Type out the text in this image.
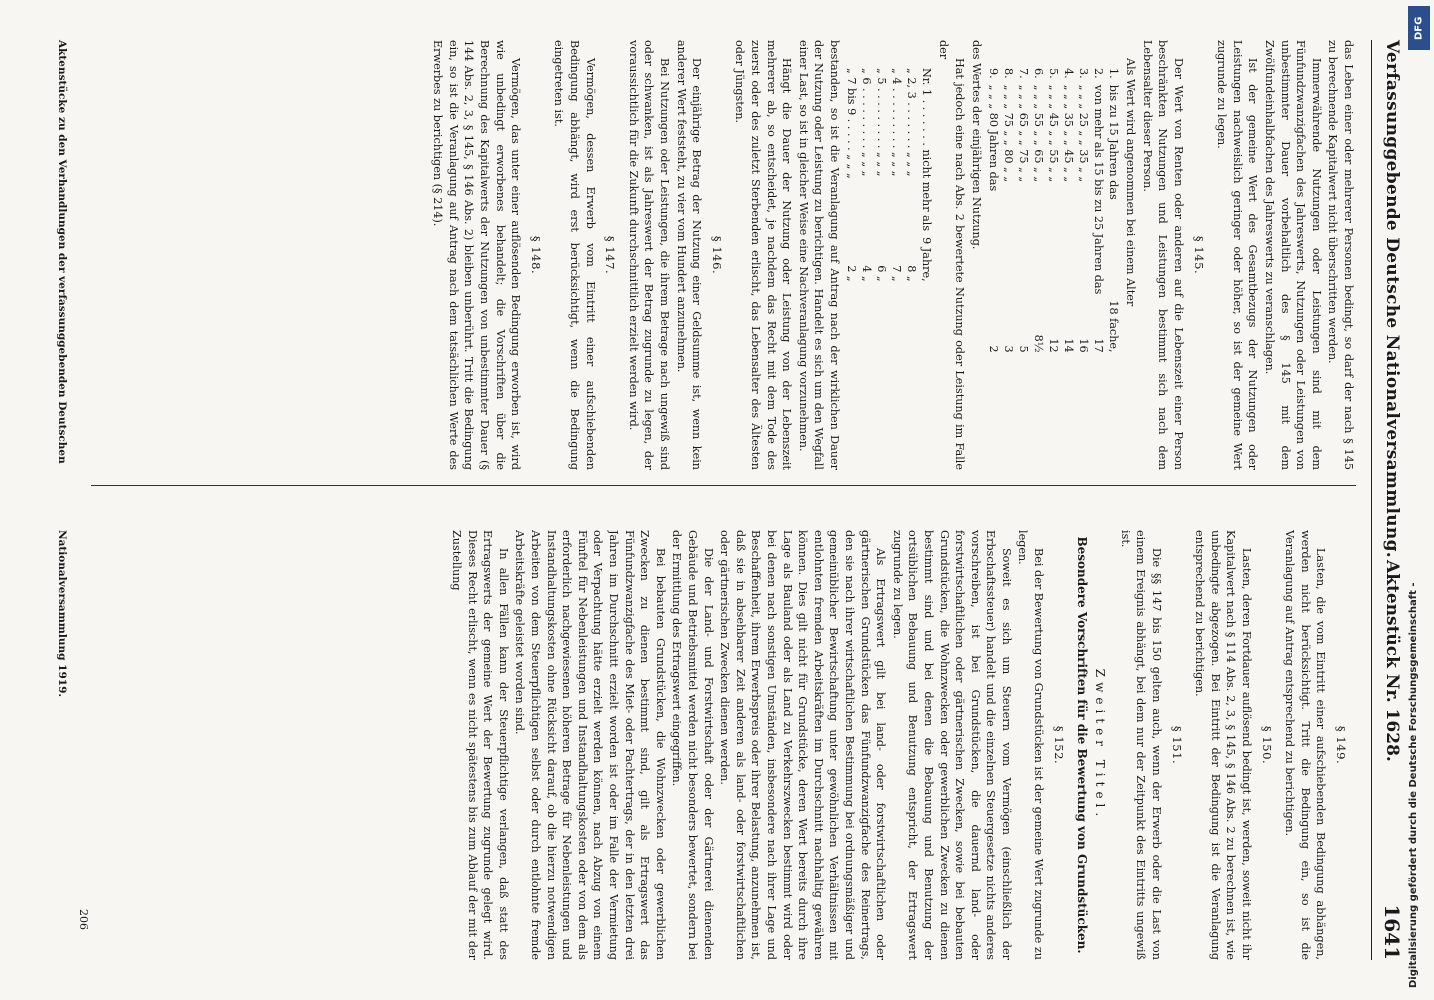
Verfassunggebende Deutsche Nationalversammlung.
Aktenstück Nr. 1628.
1641

das Leben einer oder mehrerer Personen bedingt, so darf der nach § 145 zu berechnende Kapitalwert nicht überschritten werden.

Immerwährende Nutzungen oder Leistungen sind mit dem Fünfundzwanzigfachen des Jahreswerts, Nutzungen oder Leistungen von unbestimmter Dauer vorbehaltlich des § 145 mit dem Zwölfundeinhalbfachen des Jahreswerts zu veranschlagen.

Ist der gemeine Wert des Gesamtbezugs der Nutzungen oder Leistungen nachweislich geringer oder höher, so ist der gemeine Wert zugrunde zu legen.

§ 145.

Der Wert von Renten oder anderen auf die Lebenszeit einer Person beschränkten Nutzungen und Leistungen bestimmt sich nach dem Lebensalter dieser Person.

Als Wert wird angenommen bei einem Alter

1.	bis zu 15 Jahren das	18 fache,
2.	von mehr als 15 bis zu 25 Jahren das	17
3.	„ „ „ 25 „ „ 35 „ „	16
4.	„ „ „ 35 „ „ 45 „ „	14
5.	„ „ „ 45 „ „ 55 „ „	12
6.	„ „ „ 55 „ „ 65 „ „	8½
7.	„ „ „ 65 „ „ 75 „ „	5
8.	„ „ „ 75 „ „ 80 „ „	3
9.	„ „ „ 80 Jahren das	2

des Wertes der einjährigen Nutzung.

Hat jedoch eine nach Abs. 2 bewertete Nutzung oder Leistung im Falle der

Nr. 1 . . . . . . . nicht mehr als	9 Jahre,
„ 2, 3 . . . . . . . „ „ „	8 „
„ 4 . . . . . . . . . „ „ „	7 „
„ 5 . . . . . . . . . „ „ „	6 „
„ 6 . . . . . . . . . „ „ „	4 „
„ 7 bis 9 . . . . . „ „ „	2 „

bestanden, so ist die Veranlagung auf Antrag nach der wirklichen Dauer der Nutzung oder Leistung zu berichtigen. Handelt es sich um den Wegfall einer Last, so ist in gleicher Weise eine Nachveranlagung vorzunehmen.

Hängt die Dauer der Nutzung oder Leistung von der Lebenszeit mehrerer ab, so entscheidet, je nachdem das Recht mit dem Tode des zuerst oder des zuletzt Sterbenden erlischt, das Lebensalter des Ältesten oder Jüngsten.

§ 146.

Der einjährige Betrag der Nutzung einer Geldsumme ist, wenn kein anderer Wert feststeht, zu vier vom Hundert anzunehmen.

Bei Nutzungen oder Leistungen, die ihrem Betrage nach ungewiß sind oder schwanken, ist als Jahreswert der Betrag zugrunde zu legen, der voraussichtlich für die Zukunft durchschnittlich erzielt werden wird.

§ 147.

Vermögen, dessen Erwerb vom Eintritt einer aufschiebenden Bedingung abhängt, wird erst berücksichtigt, wenn die Bedingung eingetreten ist.

§ 148.

Vermögen, das unter einer auflösenden Bedingung erworben ist, wird wie unbedingt erworbenes behandelt; die Vorschriften über die Berechnung des Kapitalwerts der Nutzungen von unbestimmter Dauer (§ 144 Abs. 2, 3, § 145, § 146 Abs. 2) bleiben unberührt. Tritt die Bedingung ein, so ist die Veranlagung auf Antrag nach dem tatsächlichen Werte des Erwerbes zu berichtigen (§ 214).

§ 149.

Lasten, die vom Eintritt einer aufschiebenden Bedingung abhängen, werden nicht berücksichtigt. Tritt die Bedingung ein, so ist die Veranlagung auf Antrag entsprechend zu berichtigen.

§ 150.

Lasten, deren Fortdauer auflösend bedingt ist, werden, soweit nicht ihr Kapitalwert nach § 114 Abs. 2, 3, § 145, § 146 Abs. 2 zu berechnen ist, wie unbedingte abgezogen. Bei Eintritt der Bedingung ist die Veranlagung entsprechend zu berichtigen.

§ 151.

Die §§ 147 bis 150 gelten auch, wenn der Erwerb oder die Last von einem Ereignis abhängt, bei dem nur der Zeitpunkt des Eintritts ungewiß ist.

Zweiter Titel.
Besondere Vorschriften für die Bewertung von Grundstücken.
§ 152.

Bei der Bewertung von Grundstücken ist der gemeine Wert zugrunde zu legen.

Soweit es sich um Steuern vom Vermögen (einschließlich der Erbschaftssteuer) handelt und die einzelnen Steuergesetze nichts anderes vorschreiben, ist bei Grundstücken, die dauernd land- oder forstwirtschaftlichen oder gärtnerischen Zwecken, sowie bei bebauten Grundstücken, die Wohnzwecken oder gewerblichen Zwecken zu dienen bestimmt sind und bei denen die Bebauung und Benutzung der ortsüblichen Bebauung und Benutzung entspricht, der Ertragswert zugrunde zu legen.

Als Ertragswert gilt bei land- oder forstwirtschaftlichen oder gärtnerischen Grundstücken das Fünfundzwanzigfache des Reinertrags, den sie nach ihrer wirtschaftlichen Bestimmung bei ordnungsmäßiger und gemeinüblicher Bewirtschaftung unter gewöhnlichen Verhältnissen mit entlohnten fremden Arbeitskräften im Durchschnitt nachhaltig gewähren können. Dies gilt nicht für Grundstücke, deren Wert bereits durch ihre Lage als Bauland oder als Land zu Verkehrszwecken bestimmt wird oder bei denen nach sonstigen Umständen, insbesondere nach ihrer Lage und Beschaffenheit, ihrem Erwerbspreis oder ihrer Belastung, anzunehmen ist, daß sie in absehbarer Zeit anderen als land- oder forstwirtschaftlichen oder gärtnerischen Zwecken dienen werden.

Die der Land- und Forstwirtschaft oder der Gärtnerei dienenden Gebäude und Betriebsmittel werden nicht besonders bewertet, sondern bei der Ermittlung des Ertragswert eingegriffen.

Bei bebauten Grundstücken, die Wohnzwecken oder gewerblichen Zwecken zu dienen bestimmt sind, gilt als Ertragswert das Fünfundzwanzigfache des Miet- oder Pachtertrags, der in den letzten drei Jahren im Durchschnitt erzielt worden ist oder im Falle der Vermietung oder Verpachtung hätte erzielt werden können, nach Abzug von einem Fünftel für Nebenleistungen und Instandhaltungskosten oder von dem als erforderlich nachgewiesenen höheren Betrage für Nebenleistungen und Instandhaltungskosten ohne Rücksicht darauf, ob die hierzu notwendigen Arbeiten von dem Steuerpflichtigen selbst oder durch entlohnte fremde Arbeitskräfte geleistet worden sind.

In allen Fällen kann der Steuerpflichtige verlangen, daß statt des Ertragswerts der gemeine Wert der Bewertung zugrunde gelegt wird. Dieses Recht erlischt, wenn es nicht spätestens bis zum Ablauf der mit der Zustellung

206
Aktenstücke zu den Verhandlungen der verfassunggebenden Deutschen
Nationalversammlung 1919.
DFG
Digitalisierung gefördert durch die Deutsche Forschungsgemeinschaft -
